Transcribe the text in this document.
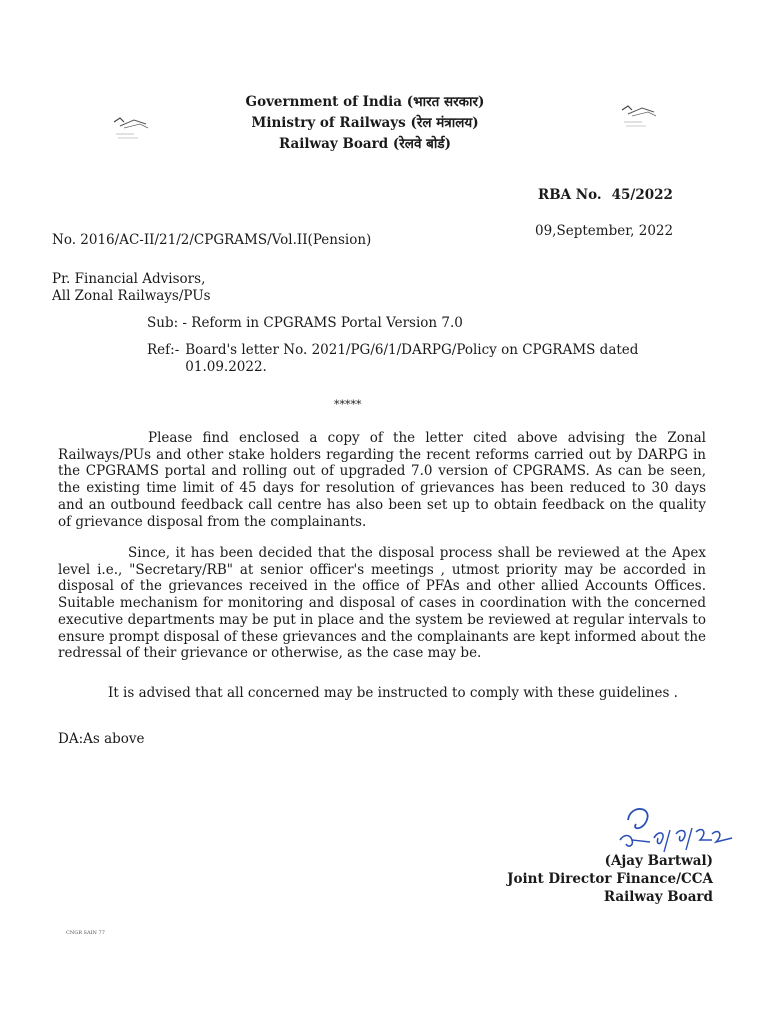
Government of India (भारत सरकार)
Ministry of Railways (रेल मंत्रालय)
Railway Board (रेलवे बोर्ड)
RBA No. 45/2022
09,September, 2022
No. 2016/AC-II/21/2/CPGRAMS/Vol.II(Pension)
Pr. Financial Advisors,
All Zonal Railways/PUs
Sub: - Reform in CPGRAMS Portal Version 7.0
Ref:- Board's letter No. 2021/PG/6/1/DARPG/Policy on CPGRAMS dated 01.09.2022.
*****
Please find enclosed a copy of the letter cited above advising the Zonal Railways/PUs and other stake holders regarding the recent reforms carried out by DARPG in the CPGRAMS portal and rolling out of upgraded 7.0 version of CPGRAMS. As can be seen, the existing time limit of 45 days for resolution of grievances has been reduced to 30 days and an outbound feedback call centre has also been set up to obtain feedback on the quality of grievance disposal from the complainants.
Since, it has been decided that the disposal process shall be reviewed at the Apex level i.e., "Secretary/RB" at senior officer's meetings , utmost priority may be accorded in disposal of the grievances received in the office of PFAs and other allied Accounts Offices. Suitable mechanism for monitoring and disposal of cases in coordination with the concerned executive departments may be put in place and the system be reviewed at regular intervals to ensure prompt disposal of these grievances and the complainants are kept informed about the redressal of their grievance or otherwise, as the case may be.
It is advised that all concerned may be instructed to comply with these guidelines .
DA:As above
(Ajay Bartwal)
Joint Director Finance/CCA
Railway Board
CNGR SAIN 77
